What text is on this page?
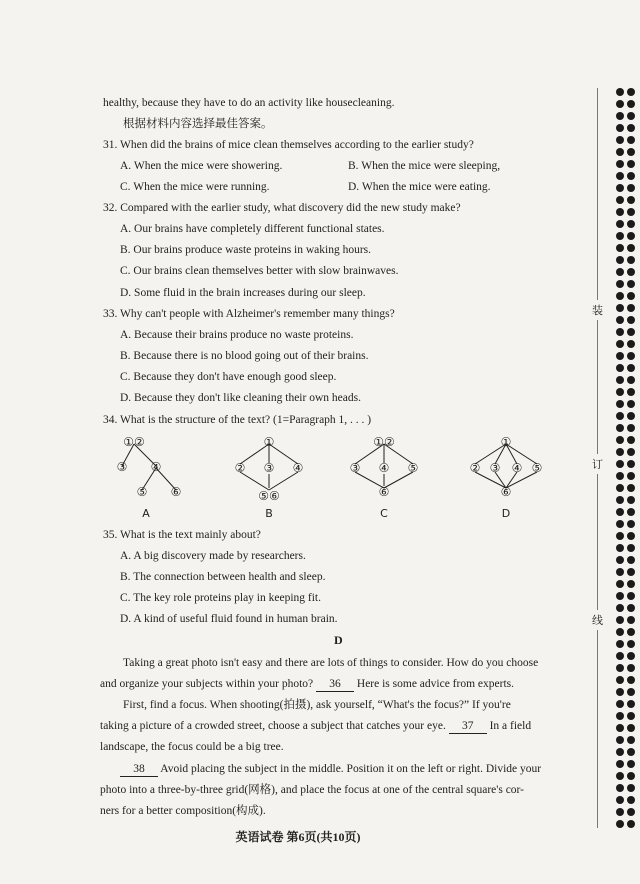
healthy, because they have to do an activity like housecleaning.
根据材料内容选择最佳答案。
31. When did the brains of mice clean themselves according to the earlier study?
A. When the mice were showering.	B. When the mice were sleeping,
C. When the mice were running.	D. When the mice were eating.
32. Compared with the earlier study, what discovery did the new study make?
A. Our brains have completely different functional states.
B. Our brains produce waste proteins in waking hours.
C. Our brains clean themselves better with slow brainwaves.
D. Some fluid in the brain increases during our sleep.
33. Why can't people with Alzheimer's remember many things?
A. Because their brains produce no waste proteins.
B. Because there is no blood going out of their brains.
C. Because they don't have enough good sleep.
D. Because they don't like cleaning their own heads.
34. What is the structure of the text? (1=Paragraph 1, . . . )
①②
③ ④
⑤ ⑥
A
①
② ③ ④
⑤⑥
B
①②
③ ④ ⑤
⑥
C
①
② ③ ④ ⑤
⑥
D
35. What is the text mainly about?
A. A big discovery made by researchers.
B. The connection between health and sleep.
C. The key role proteins play in keeping fit.
D. A kind of useful fluid found in human brain.
D
Taking a great photo isn't easy and there are lots of things to consider. How do you choose
and organize your subjects within your photo? 36 Here is some advice from experts.
First, find a focus. When shooting(拍摄), ask yourself, “What's the focus?” If you're
taking a picture of a crowded street, choose a subject that catches your eye. 37 In a field
landscape, the focus could be a big tree.
38 Avoid placing the subject in the middle. Position it on the left or right. Divide your
photo into a three-by-three grid(网格), and place the focus at one of the central square's cor-
ners for a better composition(构成).
英语试卷 第6页(共10页)
装
订
线
